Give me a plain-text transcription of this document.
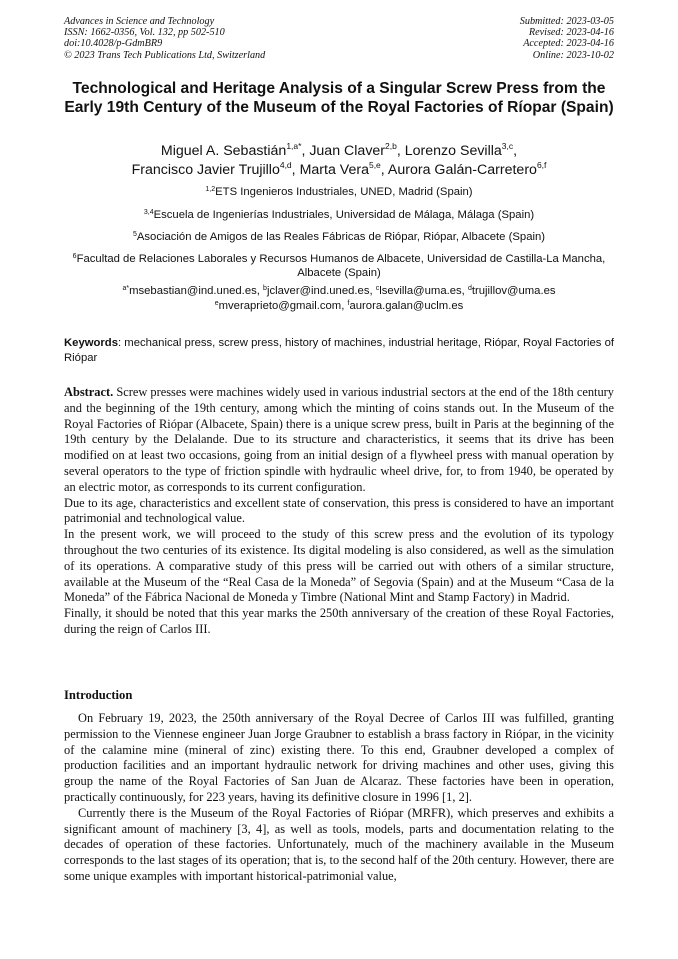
Advances in Science and Technology
ISSN: 1662-0356, Vol. 132, pp 502-510
doi:10.4028/p-GdmBR9
© 2023 Trans Tech Publications Ltd, Switzerland
Submitted: 2023-03-05
Revised: 2023-04-16
Accepted: 2023-04-16
Online: 2023-10-02
Technological and Heritage Analysis of a Singular Screw Press from the Early 19th Century of the Museum of the Royal Factories of Ríopar (Spain)
Miguel A. Sebastián$^{1,a*}$, Juan Claver$^{2,b}$, Lorenzo Sevilla$^{3,c}$,
Francisco Javier Trujillo$^{4,d}$, Marta Vera$^{5,e}$, Aurora Galán-Carretero$^{6,f}$
$^{1,2}$ETS Ingenieros Industriales, UNED, Madrid (Spain)
$^{3,4}$Escuela de Ingenierías Industriales, Universidad de Málaga, Málaga (Spain)
$^5$Asociación de Amigos de las Reales Fábricas de Riópar, Riópar, Albacete (Spain)
$^6$Facultad de Relaciones Laborales y Recursos Humanos de Albacete, Universidad de Castilla-La Mancha, Albacete (Spain)
$^{a*}$msebastian@ind.uned.es, $^b$jclaver@ind.uned.es, $^c$lsevilla@uma.es, $^d$trujillov@uma.es
$^e$mveraprieto@gmail.com, $^f$aurora.galan@uclm.es
Keywords: mechanical press, screw press, history of machines, industrial heritage, Riópar, Royal Factories of Riópar

Abstract. Screw presses were machines widely used in various industrial sectors at the end of the 18th century and the beginning of the 19th century, among which the minting of coins stands out. In the Museum of the Royal Factories of Riópar (Albacete, Spain) there is a unique screw press, built in Paris at the beginning of the 19th century by the Delalande. Due to its structure and characteristics, it seems that its drive has been modified on at least two occasions, going from an initial design of a flywheel press with manual operation by several operators to the type of friction spindle with hydraulic wheel drive, for, to from 1940, be operated by an electric motor, as corresponds to its current configuration.

Due to its age, characteristics and excellent state of conservation, this press is considered to have an important patrimonial and technological value.

In the present work, we will proceed to the study of this screw press and the evolution of its typology throughout the two centuries of its existence. Its digital modeling is also considered, as well as the simulation of its operations. A comparative study of this press will be carried out with others of a similar structure, available at the Museum of the “Real Casa de la Moneda” of Segovia (Spain) and at the Museum “Casa de la Moneda” of the Fábrica Nacional de Moneda y Timbre (National Mint and Stamp Factory) in Madrid.

Finally, it should be noted that this year marks the 250th anniversary of the creation of these Royal Factories, during the reign of Carlos III.

Introduction

On February 19, 2023, the 250th anniversary of the Royal Decree of Carlos III was fulfilled, granting permission to the Viennese engineer Juan Jorge Graubner to establish a brass factory in Riópar, in the vicinity of the calamine mine (mineral of zinc) existing there. To this end, Graubner developed a complex of production facilities and an important hydraulic network for driving machines and other uses, giving this group the name of the Royal Factories of San Juan de Alcaraz. These factories have been in operation, practically continuously, for 223 years, having its definitive closure in 1996 [1, 2].

Currently there is the Museum of the Royal Factories of Riópar (MRFR), which preserves and exhibits a significant amount of machinery [3, 4], as well as tools, models, parts and documentation relating to the decades of operation of these factories. Unfortunately, much of the machinery available in the Museum corresponds to the last stages of its operation; that is, to the second half of the 20th century. However, there are some unique examples with important historical-patrimonial value,
